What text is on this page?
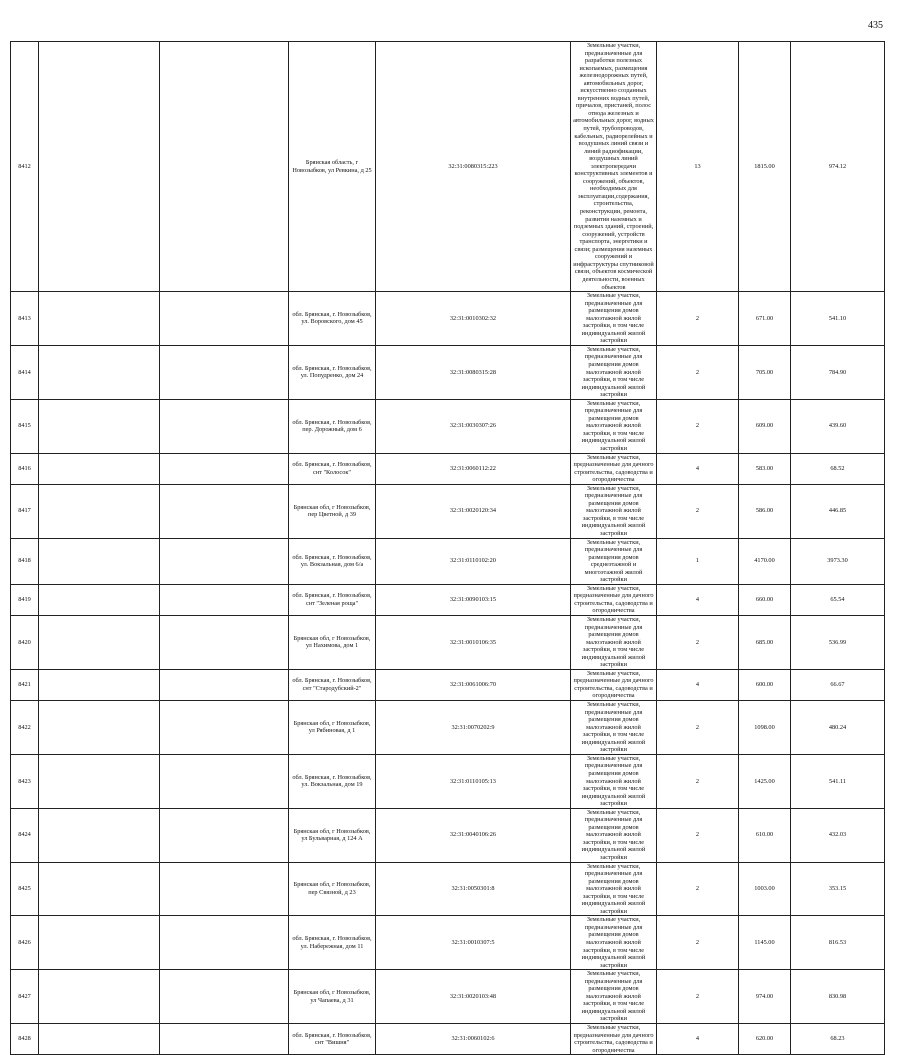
435
8412			Брянская область, г Новозыбков, ул Ревкина, д 25	32:31:0080315:223	Земельные участки, предназначенные для разработки полезных ископаемых, размещения железнодорожных путей, автомобильных дорог, искусственно созданных внутренних водных путей, причалов, пристаней, полос отвода железных и автомобильных дорог, водных путей, трубопроводов, кабельных, радиорелейных и воздушных линий связи и линий радиофикации, воздушных линий электропередачи конструктивных элементов и сооружений, объектов, необходимых для эксплуатации,содержания, строительства, реконструкции, ремонта, развития наземных и подземных зданий, строений, сооружений, устройств транспорта, энергетики и связи; размещения наземных сооружений и инфраструктуры спутниковой связи, объектов космической деятельности, военных объектов	13	1815.00	974.12	
8413			обл. Брянская, г. Новозыбков, ул. Воровского, дом 45	32:31:0010302:32	Земельные участки, предназначенные для размещения домов малоэтажной жилой застройки, в том числе индивидуальной жилой застройки	2	671.00	541.10	
8414			обл. Брянская, г. Новозыбков, ул. Попудренко, дом 24	32:31:0080315:28	Земельные участки, предназначенные для размещения домов малоэтажной жилой застройки, в том числе индивидуальной жилой застройки	2	705.00	784.90	
8415			обл. Брянская, г. Новозыбков, пер. Дорожный, дом 6	32:31:0030307:26	Земельные участки, предназначенные для размещения домов малоэтажной жилой застройки, в том числе индивидуальной жилой застройки	2	609.00	439.60	
8416			обл. Брянская, г. Новозыбков, снт "Колосок"	32:31:0060112:22	Земельные участки, предназначенные для дачного строительства, садоводства и огородничества	4	583.00	68.52	
8417			Брянская обл, г Новозыбков, пер Цветной, д 39	32:31:0020120:34	Земельные участки, предназначенные для размещения домов малоэтажной жилой застройки, в том числе индивидуальной жилой застройки	2	586.00	446.85	
8418			обл. Брянская, г. Новозыбков, ул. Вокзальная, дом 6/а	32:31:0110102:20	Земельные участки, предназначенные для размещения домов среднеэтажной и многоэтажной жилой застройки	1	4170.00	3973.30	
8419			обл. Брянская, г. Новозыбков, снт "Зеленая роща"	32:31:0090103:15	Земельные участки, предназначенные для дачного строительства, садоводства и огородничества	4	660.00	65.54	
8420			Брянская обл, г Новозыбков, ул Нахимова, дом 1	32:31:0010106:35	Земельные участки, предназначенные для размещения домов малоэтажной жилой застройки, в том числе индивидуальной жилой застройки	2	685.00	536.99	
8421			обл. Брянская, г. Новозыбков, снт "Стародубский-2"	32:31:0061006:70	Земельные участки, предназначенные для дачного строительства, садоводства и огородничества	4	600.00	66.67	
8422			Брянская обл, г Новозыбков, ул Рябиновая, д 1	32:31:0070202:9	Земельные участки, предназначенные для размещения домов малоэтажной жилой застройки, в том числе индивидуальной жилой застройки	2	1098.00	480.24	
8423			обл. Брянская, г. Новозыбков, ул. Вокзальная, дом 19	32:31:0110105:13	Земельные участки, предназначенные для размещения домов малоэтажной жилой застройки, в том числе индивидуальной жилой застройки	2	1425.00	541.11	
8424			Брянская обл, г Новозыбков, ул Бульварная, д 124 А	32:31:0040106:26	Земельные участки, предназначенные для размещения домов малоэтажной жилой застройки, в том числе индивидуальной жилой застройки	2	610.00	432.03	
8425			Брянская обл, г Новозыбков, пер Связной, д 23	32:31:0050301:8	Земельные участки, предназначенные для размещения домов малоэтажной жилой застройки, в том числе индивидуальной жилой застройки	2	1003.00	353.15	
8426			обл. Брянская, г. Новозыбков, ул. Набережная, дом 11	32:31:0010307:5	Земельные участки, предназначенные для размещения домов малоэтажной жилой застройки, в том числе индивидуальной жилой застройки	2	1145.00	816.53	
8427			Брянская обл, г Новозыбков, ул Чапаева, д 31	32:31:0020103:48	Земельные участки, предназначенные для размещения домов малоэтажной жилой застройки, в том числе индивидуальной жилой застройки	2	974.00	830.98	
8428			обл. Брянская, г. Новозыбков, снт "Вишня"	32:31:0060102:6	Земельные участки, предназначенные для дачного строительства, садоводства и огородничества	4	620.00	68.23	
